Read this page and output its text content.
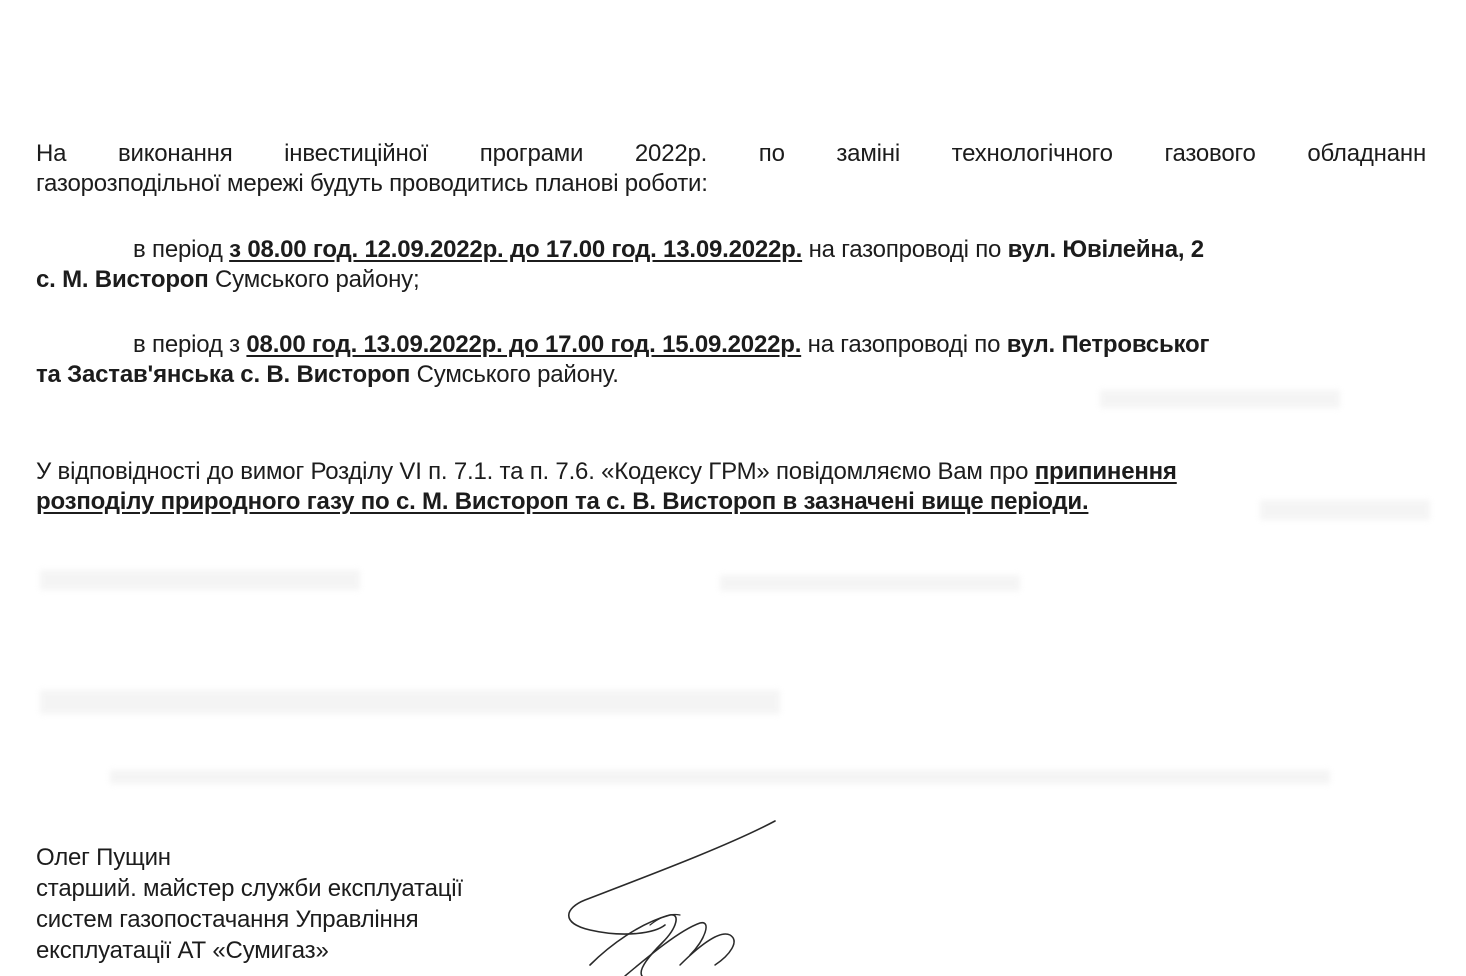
На виконання інвестиційної програми 2022р. по заміні технологічного газового обладнанн
газорозподільної мережі будуть проводитись планові роботи:
в період з 08.00 год. 12.09.2022р. до 17.00 год. 13.09.2022р. на газопроводі по вул. Ювілейна, 2
с. М. Вистороп Сумського району;
в період з 08.00 год. 13.09.2022р. до 17.00 год. 15.09.2022р. на газопроводі по вул. Петровськог
та Застав'янська с. В. Вистороп Сумського району.
У відповідності до вимог Розділу VI п. 7.1. та п. 7.6. «Кодексу ГРМ» повідомляємо Вам про припинення
розподілу природного газу по с. М. Вистороп та с. В. Вистороп в зазначені вище періоди.
Олег Пущин
старший. майстер служби експлуатації
систем газопостачання Управління
експлуатації АТ «Сумигаз»
